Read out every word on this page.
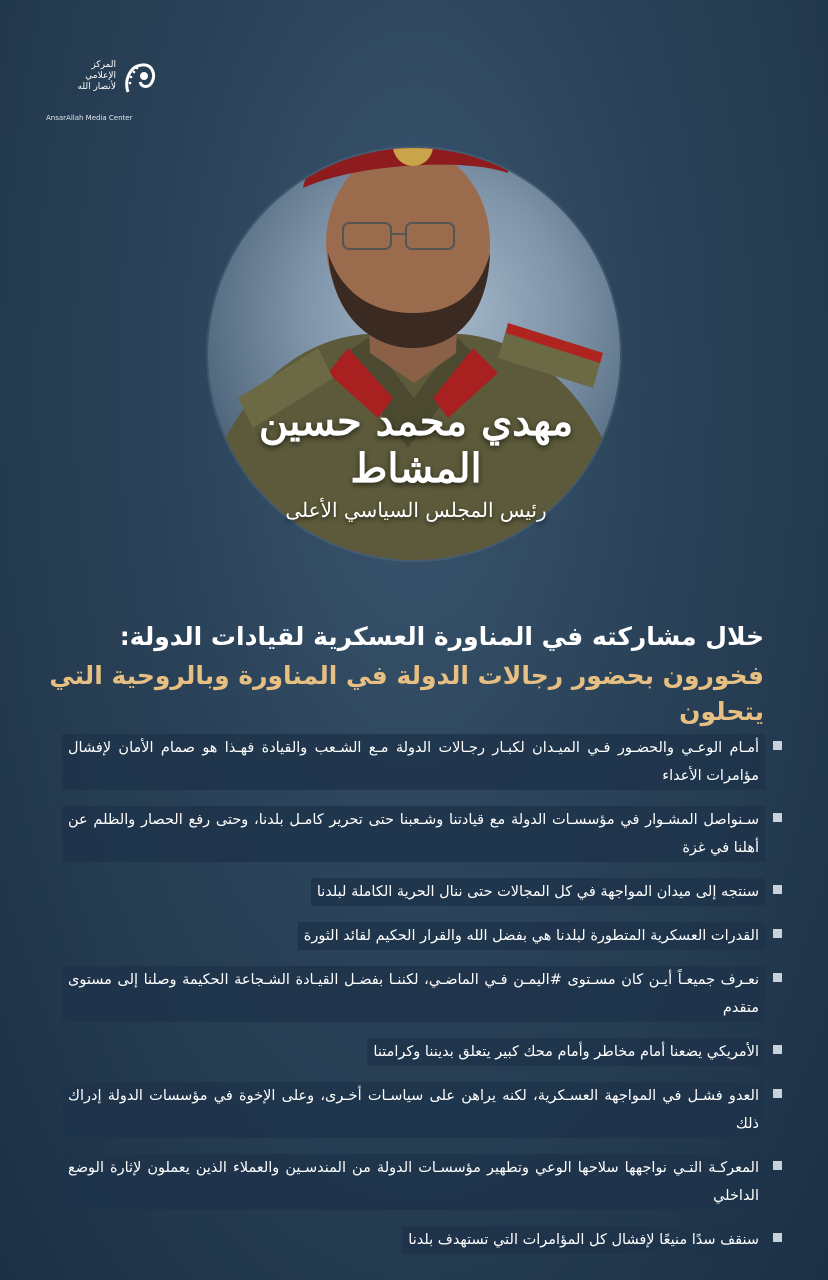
المركز
الإعلامي
لأنصار الله
AnsarAllah Media Center
مهدي محمد حسين المشاط
رئيس المجلس السياسي الأعلى
خلال مشاركته في المناورة العسكرية لقيادات الدولة:
فخورون بحضور رجالات الدولة في المناورة وبالروحية التي يتحلون
أمـام الوعـي والحضـور فـي الميـدان لكبـار رجـالات الدولة مـع الشـعب والقيادة فهـذا هو صمام الأمان لإفشال مؤامرات الأعداء
سـنواصل المشـوار في مؤسسـات الدولة مع قيادتنا وشـعبنا حتى تحرير كامـل بلدنا، وحتى رفع الحصار والظلم عن أهلنا في غزة
سنتجه إلى ميدان المواجهة في كل المجالات حتى ننال الحرية الكاملة لبلدنا
القدرات العسكرية المتطورة لبلدنا هي بفضل الله والقرار الحكيم لقائد الثورة
نعـرف جميعـاً أيـن كان مسـتوى #اليمـن فـي الماضـي، لكننـا بفضـل القيـادة الشـجاعة الحكيمة وصلنا إلى مستوى متقدم
الأمريكي يضعنا أمام مخاطر وأمام محك كبير يتعلق بديننا وكرامتنا
العدو فشـل في المواجهة العسـكرية، لكنه يراهن على سياسـات أخـرى، وعلى الإخوة في مؤسسات الدولة إدراك ذلك
المعركـة التـي نواجهها سلاحها الوعي وتطهير مؤسسـات الدولة من المندسـين والعملاء الذين يعملون لإثارة الوضع الداخلي
سنقف سدًا منيعًا لإفشال كل المؤامرات التي تستهدف بلدنا
